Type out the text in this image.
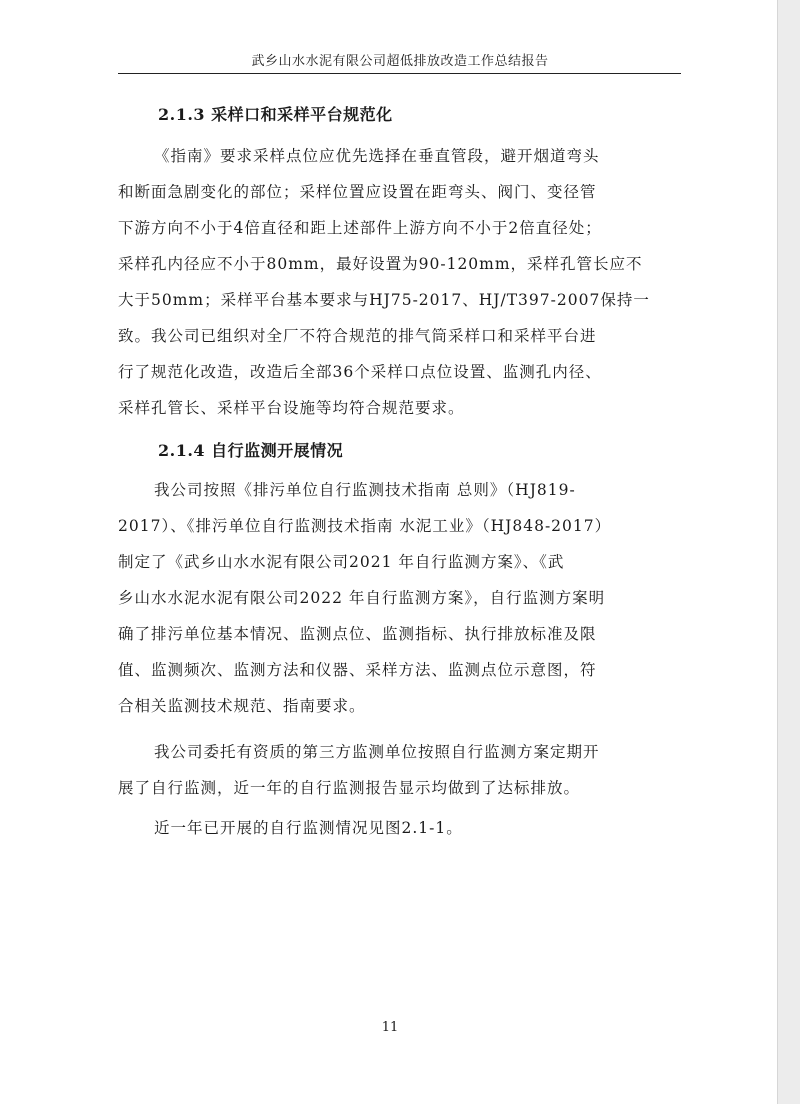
武乡山水水泥有限公司超低排放改造工作总结报告
2.1.3 采样口和采样平台规范化
《指南》要求采样点位应优先选择在垂直管段，避开烟道弯头
和断面急剧变化的部位；采样位置应设置在距弯头、阀门、变径管
下游方向不小于4倍直径和距上述部件上游方向不小于2倍直径处；
采样孔内径应不小于80mm，最好设置为90-120mm，采样孔管长应不
大于50mm；采样平台基本要求与HJ75-2017、HJ/T397-2007保持一
致。我公司已组织对全厂不符合规范的排气筒采样口和采样平台进
行了规范化改造，改造后全部36个采样口点位设置、监测孔内径、
采样孔管长、采样平台设施等均符合规范要求。
2.1.4 自行监测开展情况
我公司按照《排污单位自行监测技术指南 总则》（HJ819-
2017）、《排污单位自行监测技术指南 水泥工业》（HJ848-2017）
制定了《武乡山水水泥有限公司2021 年自行监测方案》、《武
乡山水水泥水泥有限公司2022 年自行监测方案》，自行监测方案明
确了排污单位基本情况、监测点位、监测指标、执行排放标准及限
值、监测频次、监测方法和仪器、采样方法、监测点位示意图，符
合相关监测技术规范、指南要求。
我公司委托有资质的第三方监测单位按照自行监测方案定期开
展了自行监测，近一年的自行监测报告显示均做到了达标排放。
近一年已开展的自行监测情况见图2.1-1。
11
